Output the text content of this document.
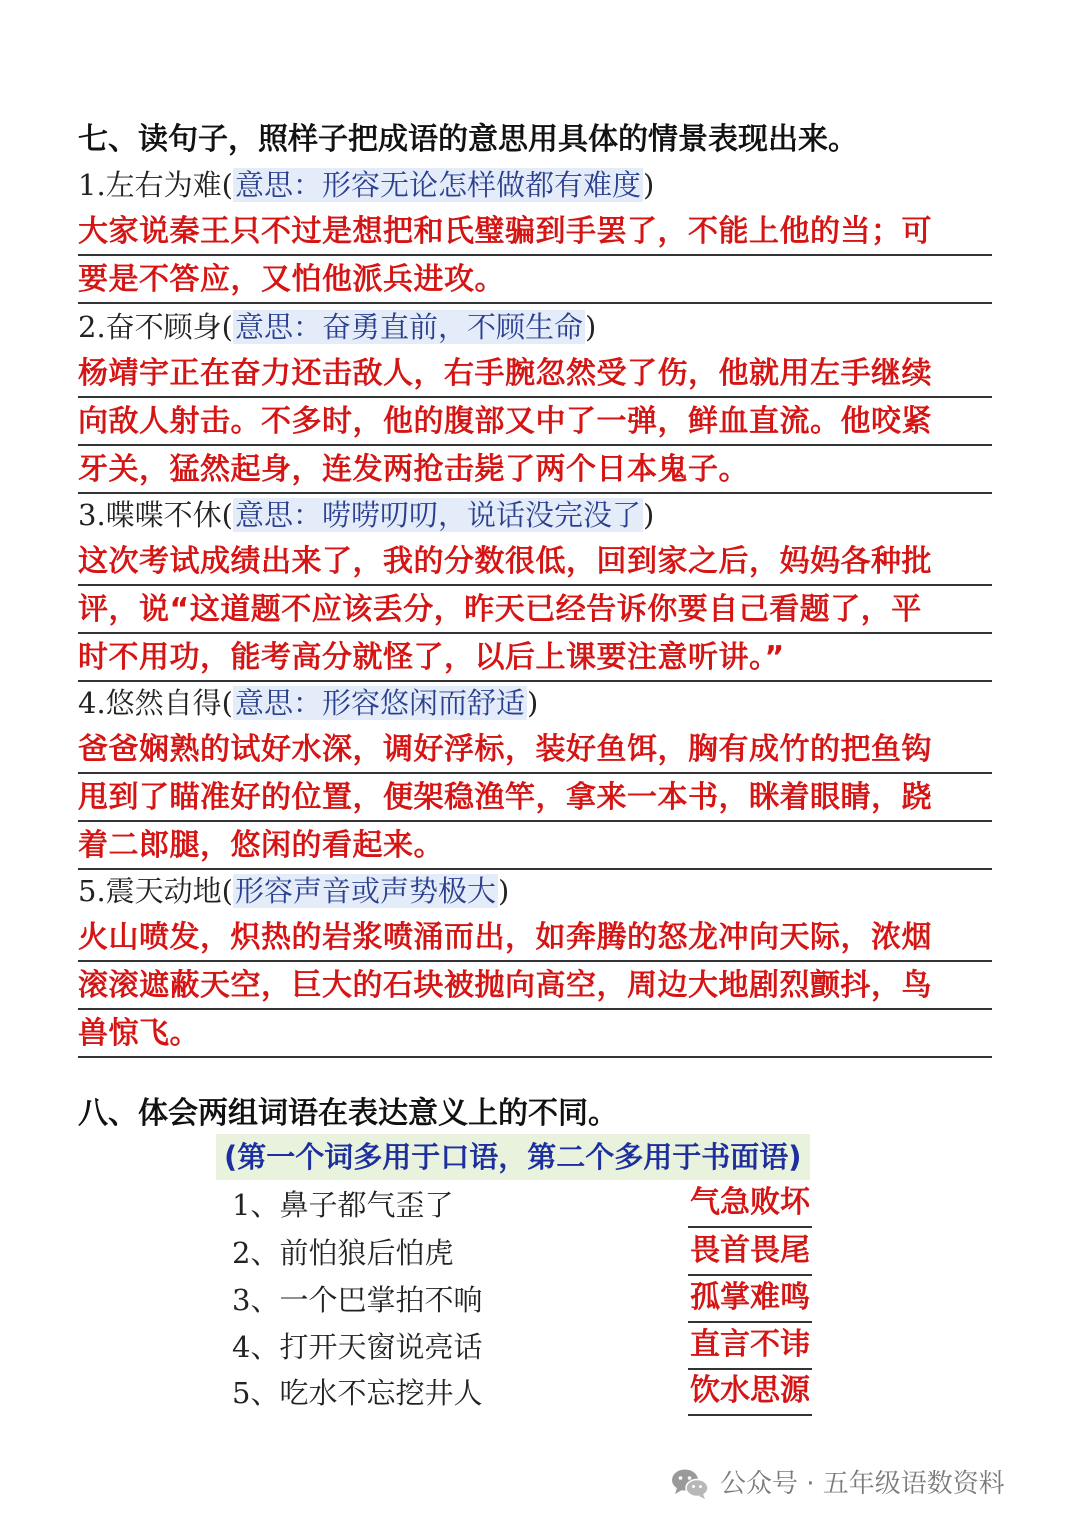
七、读句子，照样子把成语的意思用具体的情景表现出来。
1.左右为难(意思：形容无论怎样做都有难度)
大家说秦王只不过是想把和氏璧骗到手罢了，不能上他的当；可
要是不答应，又怕他派兵进攻。
2.奋不顾身(意思：奋勇直前，不顾生命)
杨靖宇正在奋力还击敌人，右手腕忽然受了伤，他就用左手继续
向敌人射击。不多时，他的腹部又中了一弹，鲜血直流。他咬紧
牙关，猛然起身，连发两抢击毙了两个日本鬼子。
3.喋喋不休(意思：唠唠叨叨，说话没完没了)
这次考试成绩出来了，我的分数很低，回到家之后，妈妈各种批
评，说“这道题不应该丢分，昨天已经告诉你要自己看题了，平
时不用功，能考高分就怪了，以后上课要注意听讲。”
4.悠然自得(意思：形容悠闲而舒适)
爸爸娴熟的试好水深，调好浮标，装好鱼饵，胸有成竹的把鱼钩
甩到了瞄准好的位置，便架稳渔竿，拿来一本书，眯着眼睛，跷
着二郎腿，悠闲的看起来。
5.震天动地(形容声音或声势极大)
火山喷发，炽热的岩浆喷涌而出，如奔腾的怒龙冲向天际，浓烟
滚滚遮蔽天空，巨大的石块被抛向高空，周边大地剧烈颤抖，鸟
兽惊飞。
八、体会两组词语在表达意义上的不同。
(第一个词多用于口语，第二个多用于书面语)
1、鼻子都气歪了	气急败坏
2、前怕狼后怕虎	畏首畏尾
3、一个巴掌拍不响	孤掌难鸣
4、打开天窗说亮话	直言不讳
5、吃水不忘挖井人	饮水思源
公众号 · 五年级语数资料
